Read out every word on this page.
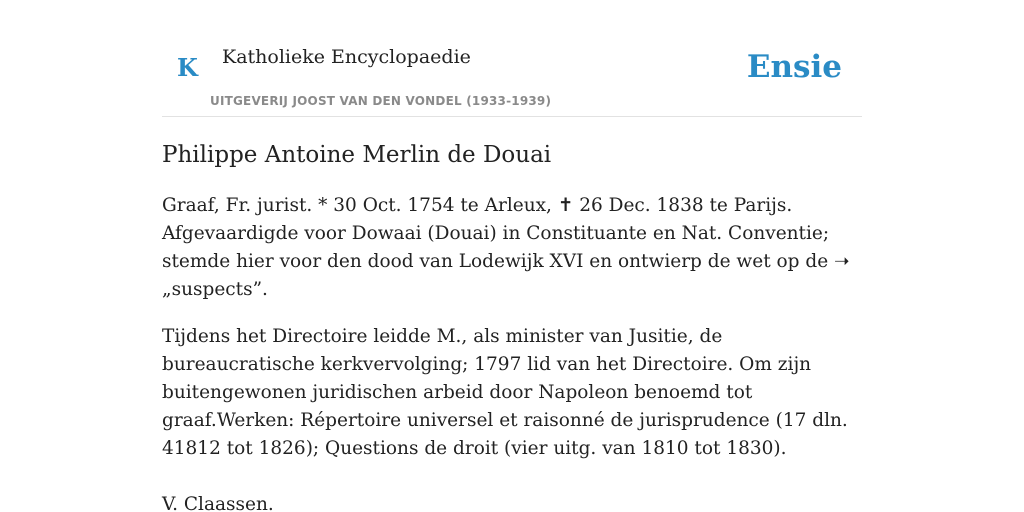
K Katholieke Encyclopaedie
UITGEVERIJ JOOST VAN DEN VONDEL (1933-1939)
Ensie
Philippe Antoine Merlin de Douai

Graaf, Fr. jurist. * 30 Oct. 1754 te Arleux, ✝ 26 Dec. 1838 te Parijs. Afgevaardigde voor Dowaai (Douai) in Constituante en Nat. Conventie; stemde hier voor den dood van Lodewijk XVI en ontwierp de wet op de ➝ „suspects”.

Tijdens het Directoire leidde M., als minister van Jusitie, de bureaucratische kerkvervolging; 1797 lid van het Directoire. Om zijn buitengewonen juridischen arbeid door Napoleon benoemd tot graaf.Werken: Répertoire universel et raisonné de jurisprudence (17 dln. 41812 tot 1826); Questions de droit (vier uitg. van 1810 tot 1830).

V. Claassen.
